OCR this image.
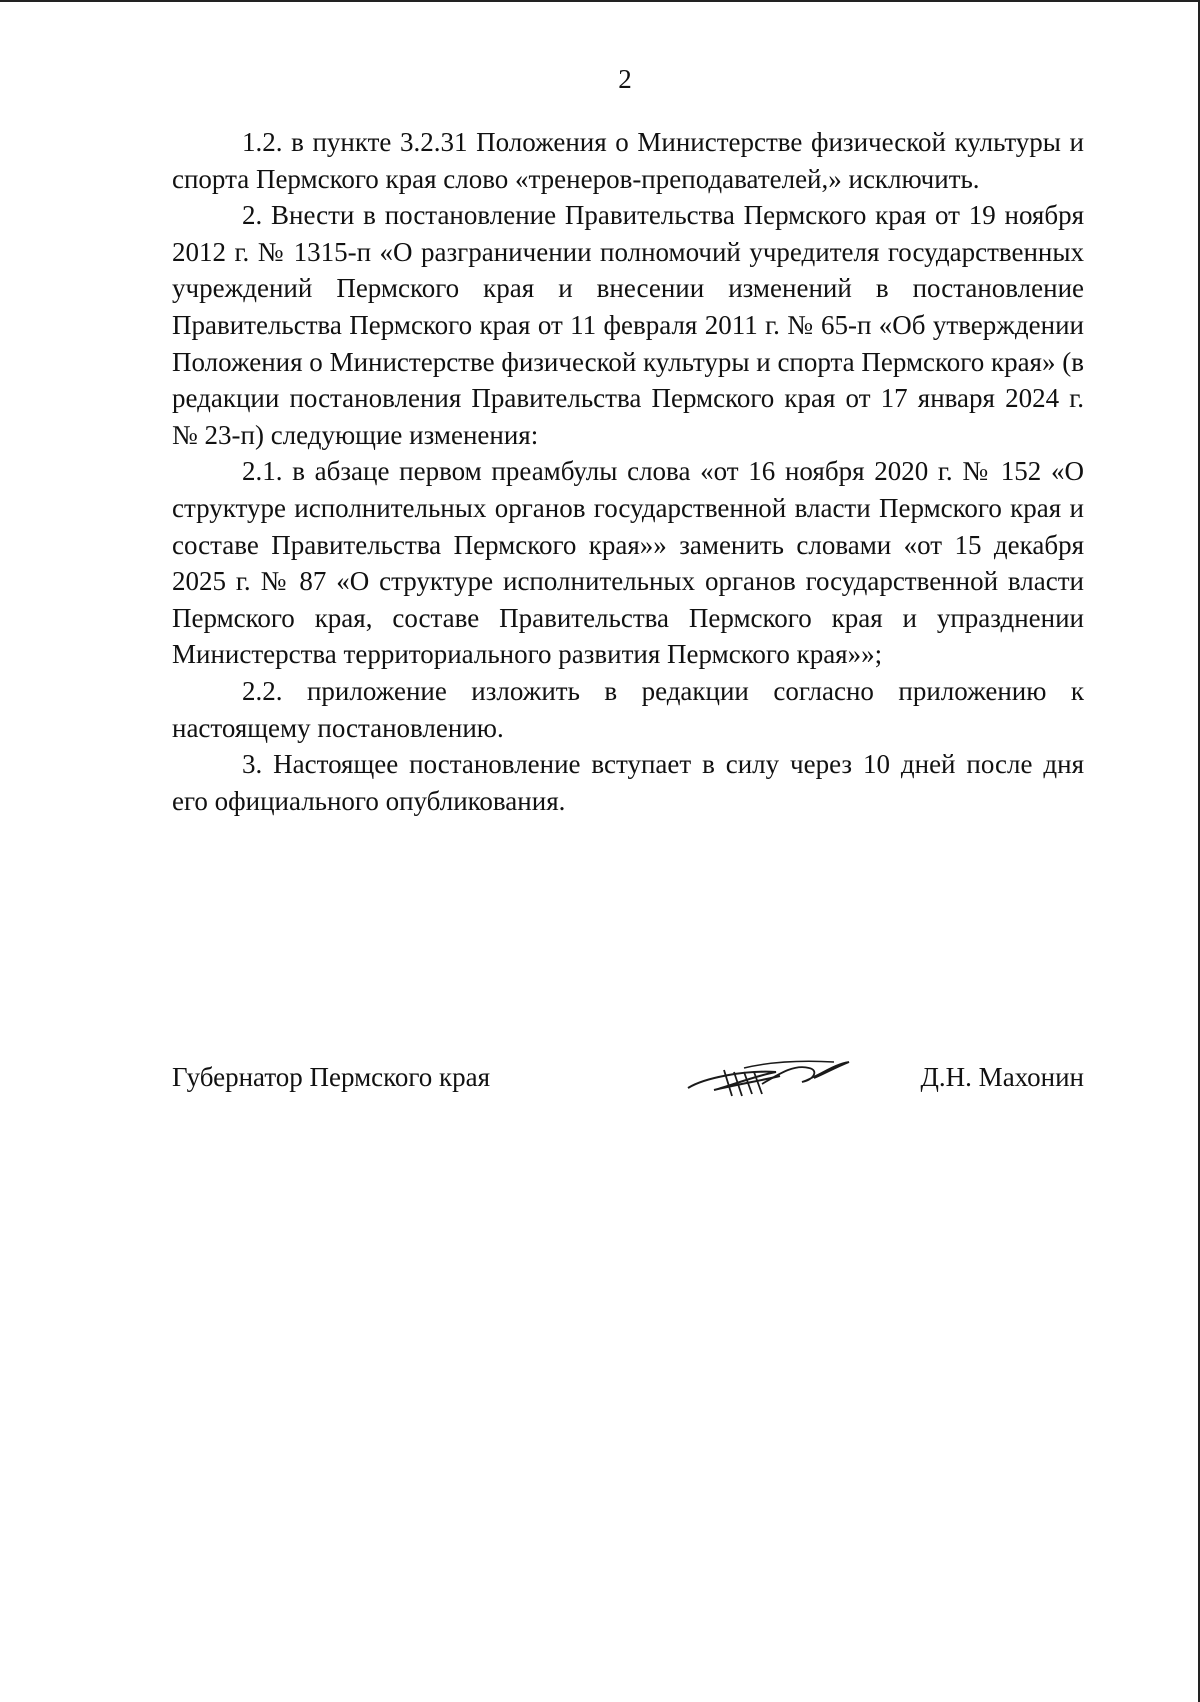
2

1.2. в пункте 3.2.31 Положения о Министерстве физической культуры и спорта Пермского края слово «тренеров-преподавателей,» исключить.

2. Внести в постановление Правительства Пермского края от 19 ноября 2012 г. № 1315-п «О разграничении полномочий учредителя государственных учреждений Пермского края и внесении изменений в постановление Правительства Пермского края от 11 февраля 2011 г. № 65-п «Об утверждении Положения о Министерстве физической культуры и спорта Пермского края» (в редакции постановления Правительства Пермского края от 17 января 2024 г. № 23-п) следующие изменения:

2.1. в абзаце первом преамбулы слова «от 16 ноября 2020 г. № 152 «О структуре исполнительных органов государственной власти Пермского края и составе Правительства Пермского края»» заменить словами «от 15 декабря 2025 г. № 87 «О структуре исполнительных органов государственной власти Пермского края, составе Правительства Пермского края и упразднении Министерства территориального развития Пермского края»»;

2.2. приложение изложить в редакции согласно приложению к настоящему постановлению.

3. Настоящее постановление вступает в силу через 10 дней после дня его официального опубликования.

Губернатор Пермского края	Д.Н. Махонин
